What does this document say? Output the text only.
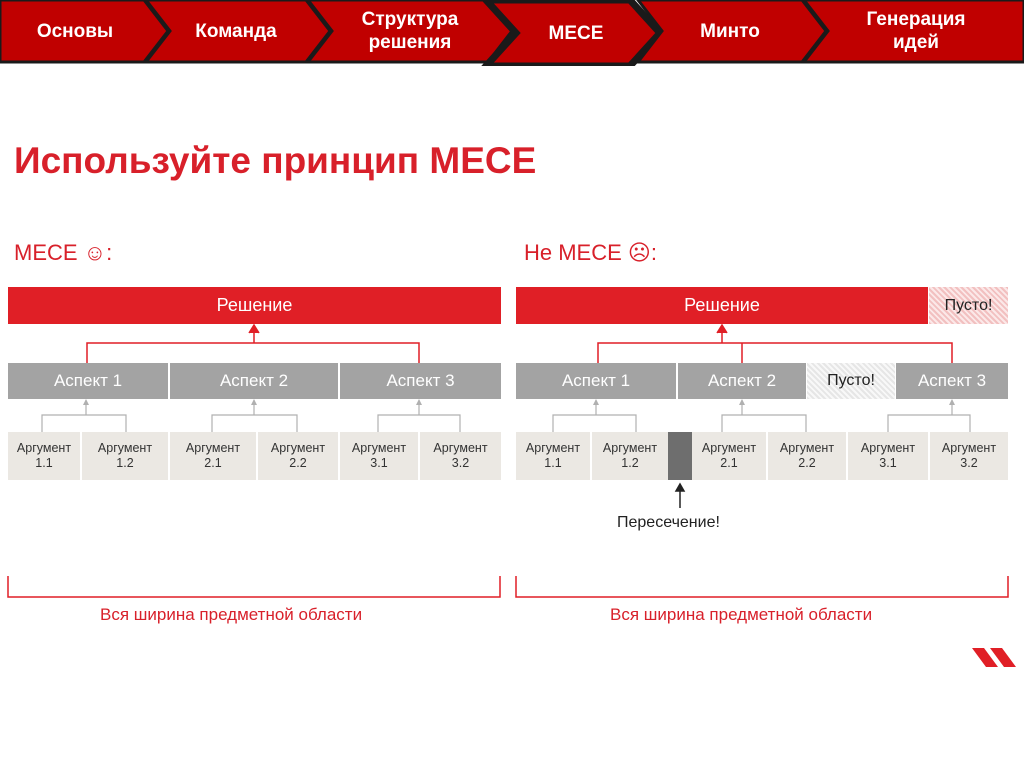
Основы	Команда
Структура
решения	МЕСЕ	Минто
Генерация
идей
Используйте принцип МЕСЕ
МЕСЕ ☺:
Решение
Аспект 1	Аспект 2	Аспект 3
Аргумент
1.1
Аргумент
1.2
Аргумент
2.1
Аргумент
2.2
Аргумент
3.1
Аргумент
3.2
Вся ширина предметной области
Не МЕСЕ ☹:
Решение	Пусто!
Аспект 1	Аспект 2	Пусто!	Аспект 3
Аргумент
1.1
Аргумент
1.2
Аргумент
2.1
Аргумент
2.2
Аргумент
3.1
Аргумент
3.2
Пересечение!
Вся ширина предметной области
